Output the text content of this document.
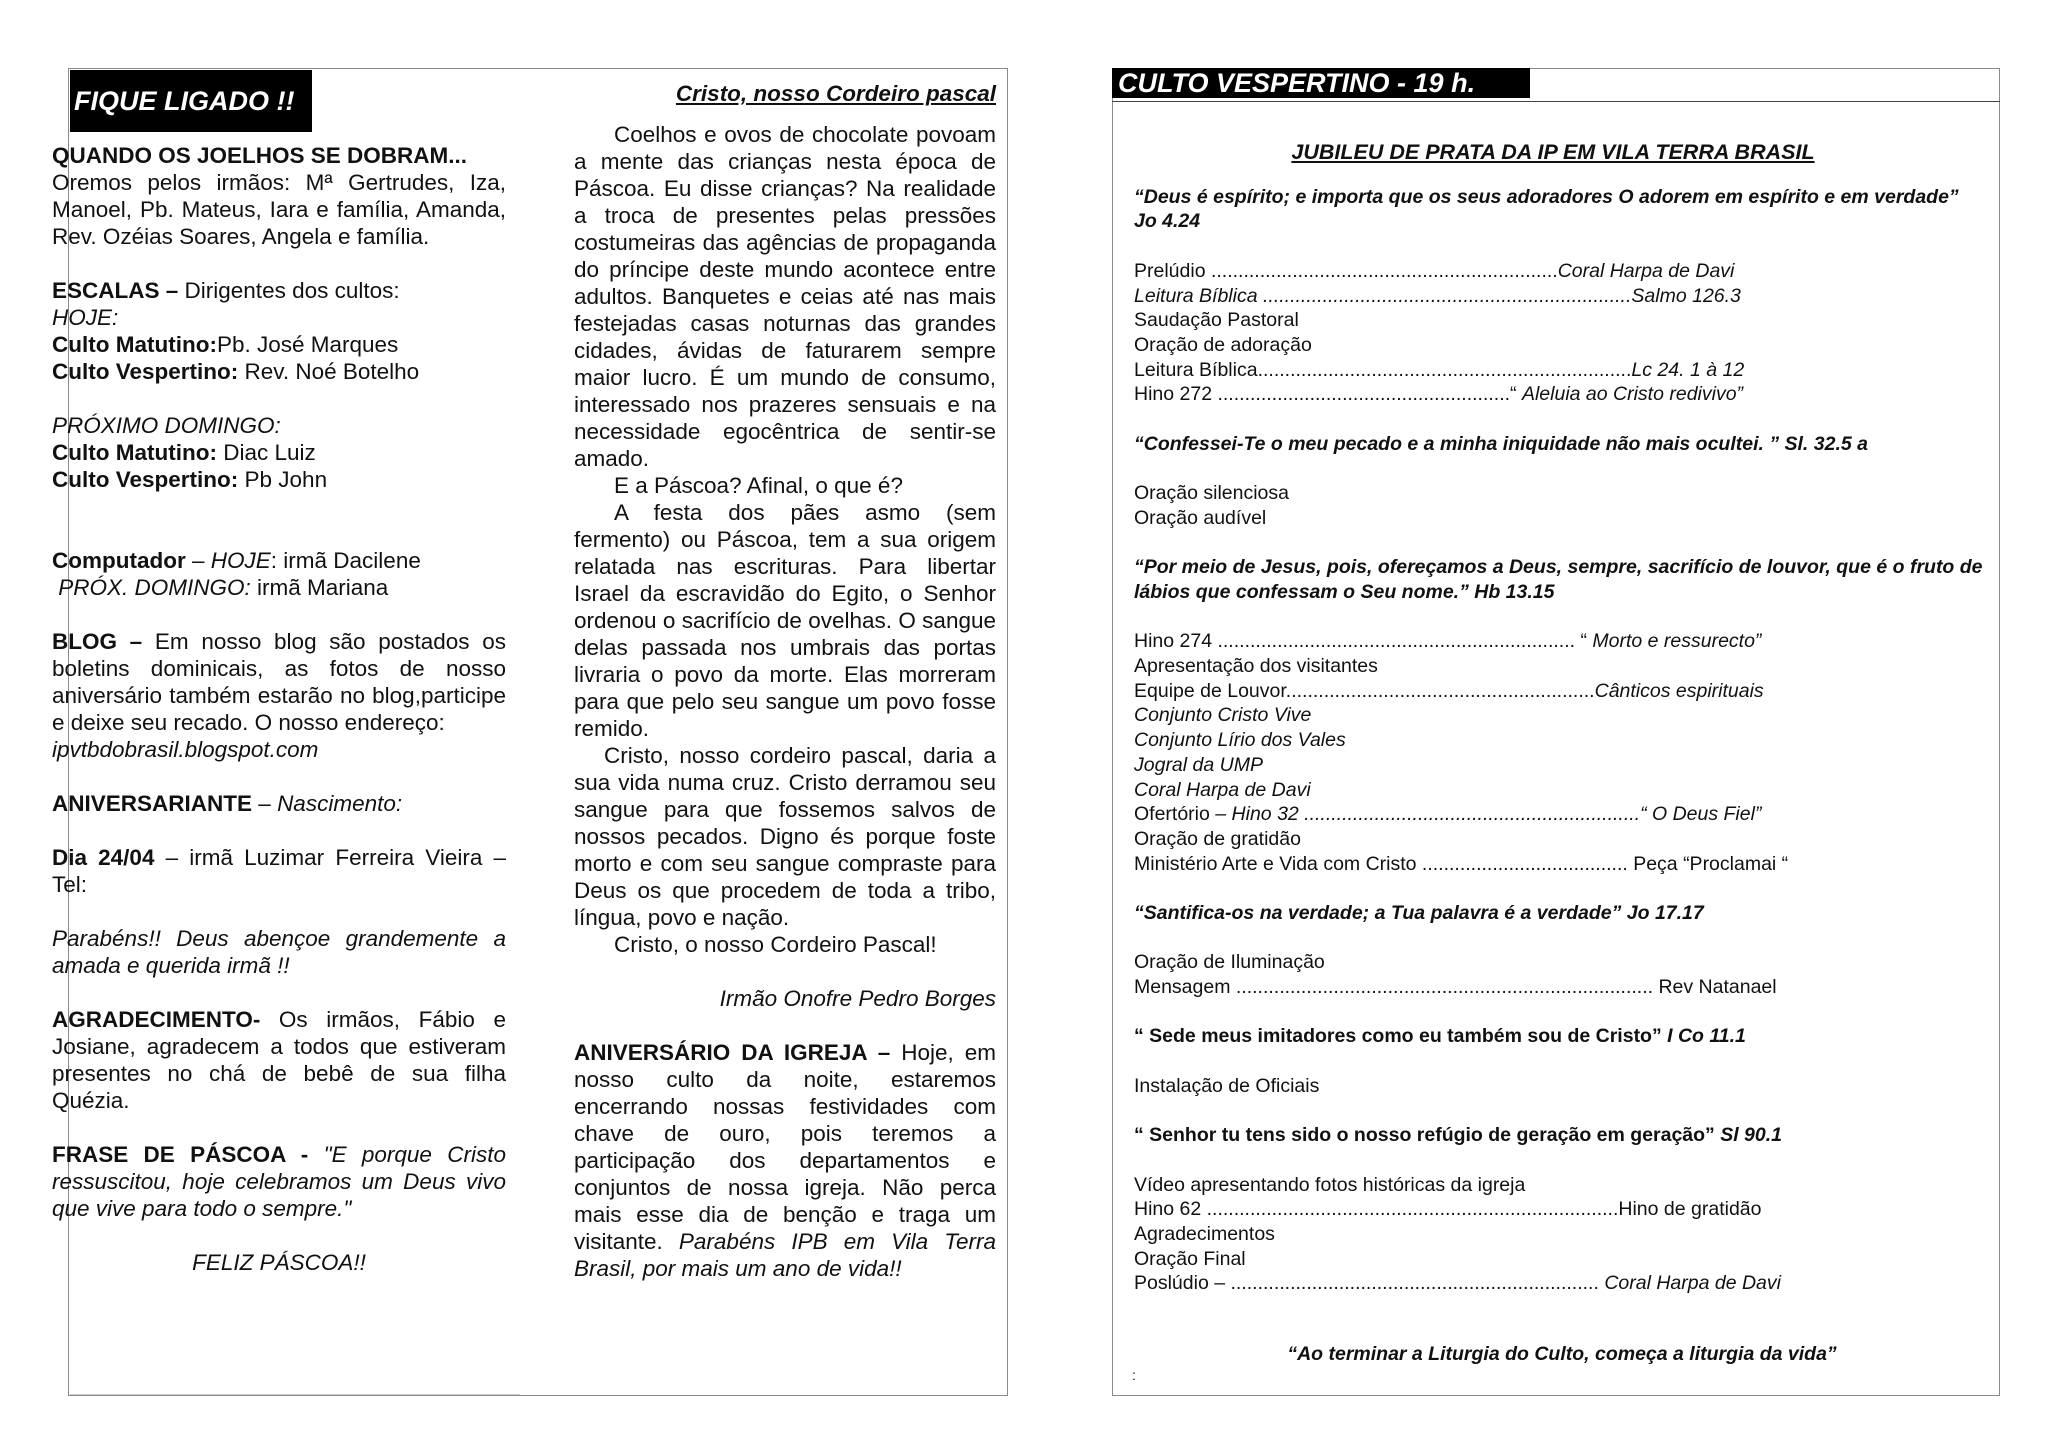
FIQUE LIGADO !!

QUANDO OS JOELHOS SE DOBRAM...
Oremos pelos irmãos: Mª Gertrudes, Iza, Manoel, Pb. Mateus, Iara e família, Amanda, Rev. Ozéias Soares, Angela e família.

ESCALAS – Dirigentes dos cultos:
HOJE:
Culto Matutino:Pb. José Marques
Culto Vespertino: Rev. Noé Botelho

PRÓXIMO DOMINGO:
Culto Matutino: Diac Luiz
Culto Vespertino: Pb John

Computador – HOJE: irmã Dacilene
PRÓX. DOMINGO: irmã Mariana

BLOG – Em nosso blog são postados os boletins dominicais, as fotos de nosso aniversário também estarão no blog,participe e deixe seu recado. O nosso endereço:
ipvtbdobrasil.blogspot.com

ANIVERSARIANTE – Nascimento:

Dia 24/04 – irmã Luzimar Ferreira Vieira – Tel:

Parabéns!! Deus abençoe grandemente a amada e querida irmã !!

AGRADECIMENTO- Os irmãos, Fábio e Josiane, agradecem a todos que estiveram presentes no chá de bebê de sua filha Quézia.

FRASE DE PÁSCOA - "E porque Cristo ressuscitou, hoje celebramos um Deus vivo que vive para todo o sempre."

FELIZ PÁSCOA!!

Cristo, nosso Cordeiro pascal

Coelhos e ovos de chocolate povoam a mente das crianças nesta época de Páscoa. Eu disse crianças? Na realidade a troca de presentes pelas pressões costumeiras das agências de propaganda do príncipe deste mundo acontece entre adultos. Banquetes e ceias até nas mais festejadas casas noturnas das grandes cidades, ávidas de faturarem sempre maior lucro. É um mundo de consumo, interessado nos prazeres sensuais e na necessidade egocêntrica de sentir-se amado.

E a Páscoa? Afinal, o que é?

A festa dos pães asmo (sem fermento) ou Páscoa, tem a sua origem relatada nas escrituras. Para libertar Israel da escravidão do Egito, o Senhor ordenou o sacrifício de ovelhas. O sangue delas passada nos umbrais das portas livraria o povo da morte. Elas morreram para que pelo seu sangue um povo fosse remido.

Cristo, nosso cordeiro pascal, daria a sua vida numa cruz. Cristo derramou seu sangue para que fossemos salvos de nossos pecados. Digno és porque foste morto e com seu sangue compraste para Deus os que procedem de toda a tribo, língua, povo e nação.

Cristo, o nosso Cordeiro Pascal!

Irmão Onofre Pedro Borges

ANIVERSÁRIO DA IGREJA – Hoje, em nosso culto da noite, estaremos encerrando nossas festividades com chave de ouro, pois teremos a participação dos departamentos e conjuntos de nossa igreja. Não perca mais esse dia de benção e traga um visitante. Parabéns IPB em Vila Terra Brasil, por mais um ano de vida!!

CULTO VESPERTINO - 19 h.

JUBILEU DE PRATA DA IP EM VILA TERRA BRASIL

“Deus é espírito; e importa que os seus adoradores O adorem em espírito e em verdade” Jo 4.24

Prelúdio ................................................................Coral Harpa de Davi

Leitura Bíblica ....................................................................Salmo 126.3

Saudação Pastoral

Oração de adoração

Leitura Bíblica.....................................................................Lc 24. 1 à 12

Hino 272 ......................................................“ Aleluia ao Cristo redivivo”

“Confessei-Te o meu pecado e a minha iniquidade não mais ocultei. ” Sl. 32.5 a

Oração silenciosa

Oração audível

“Por meio de Jesus, pois, ofereçamos a Deus, sempre, sacrifício de louvor, que é o fruto de lábios que confessam o Seu nome.” Hb 13.15

Hino 274 .................................................................. “ Morto e ressurecto”

Apresentação dos visitantes

Equipe de Louvor.........................................................Cânticos espirituais

Conjunto Cristo Vive

Conjunto Lírio dos Vales

Jogral da UMP

Coral Harpa de Davi

Ofertório – Hino 32 ..............................................................“ O Deus Fiel”

Oração de gratidão

Ministério Arte e Vida com Cristo ...................................... Peça “Proclamai “

“Santifica-os na verdade; a Tua palavra é a verdade” Jo 17.17

Oração de Iluminação

Mensagem ............................................................................. Rev Natanael

“ Sede meus imitadores como eu também sou de Cristo” I Co 11.1

Instalação de Oficiais

“ Senhor tu tens sido o nosso refúgio de geração em geração” Sl 90.1

Vídeo apresentando fotos históricas da igreja

Hino 62 ............................................................................Hino de gratidão

Agradecimentos

Oração Final

Poslúdio – .................................................................... Coral Harpa de Davi

“Ao terminar a Liturgia do Culto, começa a liturgia da vida”

:
